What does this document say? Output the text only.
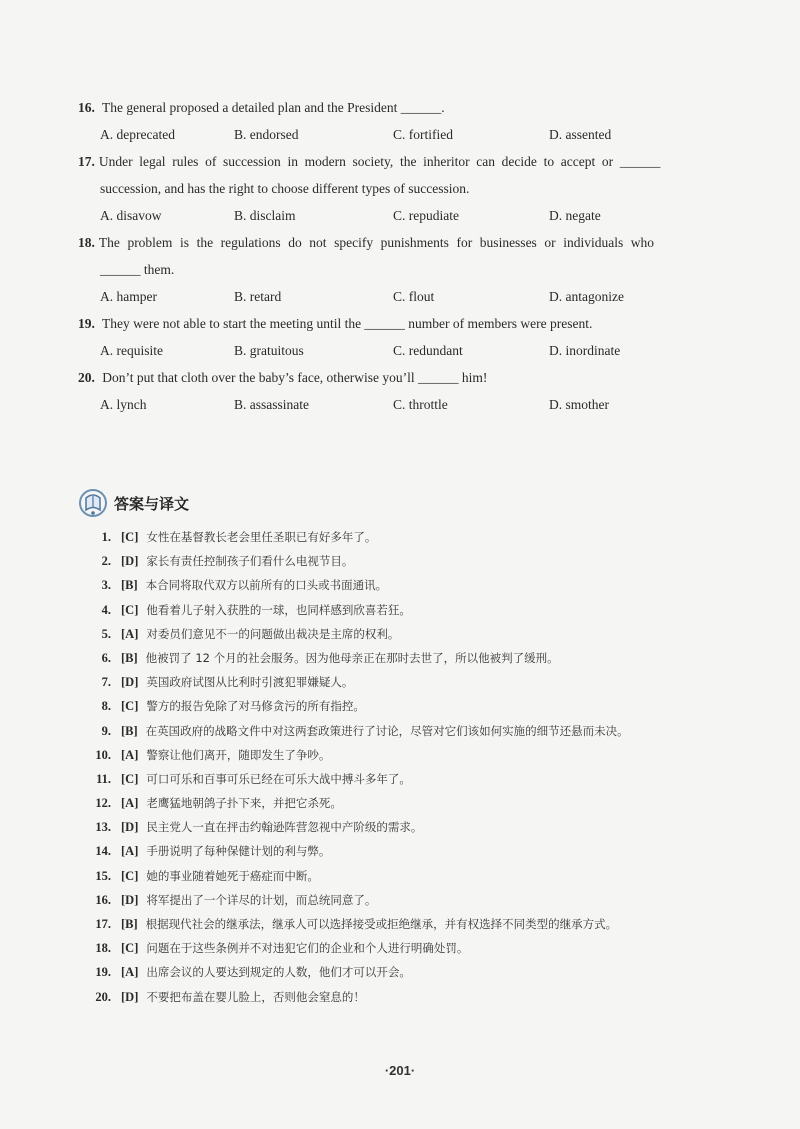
16. The general proposed a detailed plan and the President ______.
A. deprecated	B. endorsed	C. fortified	D. assented
17. Under legal rules of succession in modern society, the inheritor can decide to accept or ______
succession, and has the right to choose different types of succession.
A. disavow	B. disclaim	C. repudiate	D. negate
18. The problem is the regulations do not specify punishments for businesses or individuals who
______ them.
A. hamper	B. retard	C. flout	D. antagonize
19. They were not able to start the meeting until the ______ number of members were present.
A. requisite	B. gratuitous	C. redundant	D. inordinate
20. Don’t put that cloth over the baby’s face, otherwise you’ll ______ him!
A. lynch	B. assassinate	C. throttle	D. smother
答案与译文
1. [C] 女性在基督教长老会里任圣职已有好多年了。
2. [D] 家长有责任控制孩子们看什么电视节目。
3. [B] 本合同将取代双方以前所有的口头或书面通讯。
4. [C] 他看着儿子射入获胜的一球，也同样感到欣喜若狂。
5. [A] 对委员们意见不一的问题做出裁决是主席的权利。
6. [B] 他被罚了 12 个月的社会服务。因为他母亲正在那时去世了，所以他被判了缓刑。
7. [D] 英国政府试图从比利时引渡犯罪嫌疑人。
8. [C] 警方的报告免除了对马修贪污的所有指控。
9. [B] 在英国政府的战略文件中对这两套政策进行了讨论，尽管对它们该如何实施的细节还悬而未决。
10. [A] 警察让他们离开，随即发生了争吵。
11. [C] 可口可乐和百事可乐已经在可乐大战中搏斗多年了。
12. [A] 老鹰猛地朝鸽子扑下来，并把它杀死。
13. [D] 民主党人一直在抨击约翰逊阵营忽视中产阶级的需求。
14. [A] 手册说明了每种保健计划的利与弊。
15. [C] 她的事业随着她死于癌症而中断。
16. [D] 将军提出了一个详尽的计划，而总统同意了。
17. [B] 根据现代社会的继承法，继承人可以选择接受或拒绝继承，并有权选择不同类型的继承方式。
18. [C] 问题在于这些条例并不对违犯它们的企业和个人进行明确处罚。
19. [A] 出席会议的人要达到规定的人数，他们才可以开会。
20. [D] 不要把布盖在婴儿脸上，否则他会窒息的！
·201·
